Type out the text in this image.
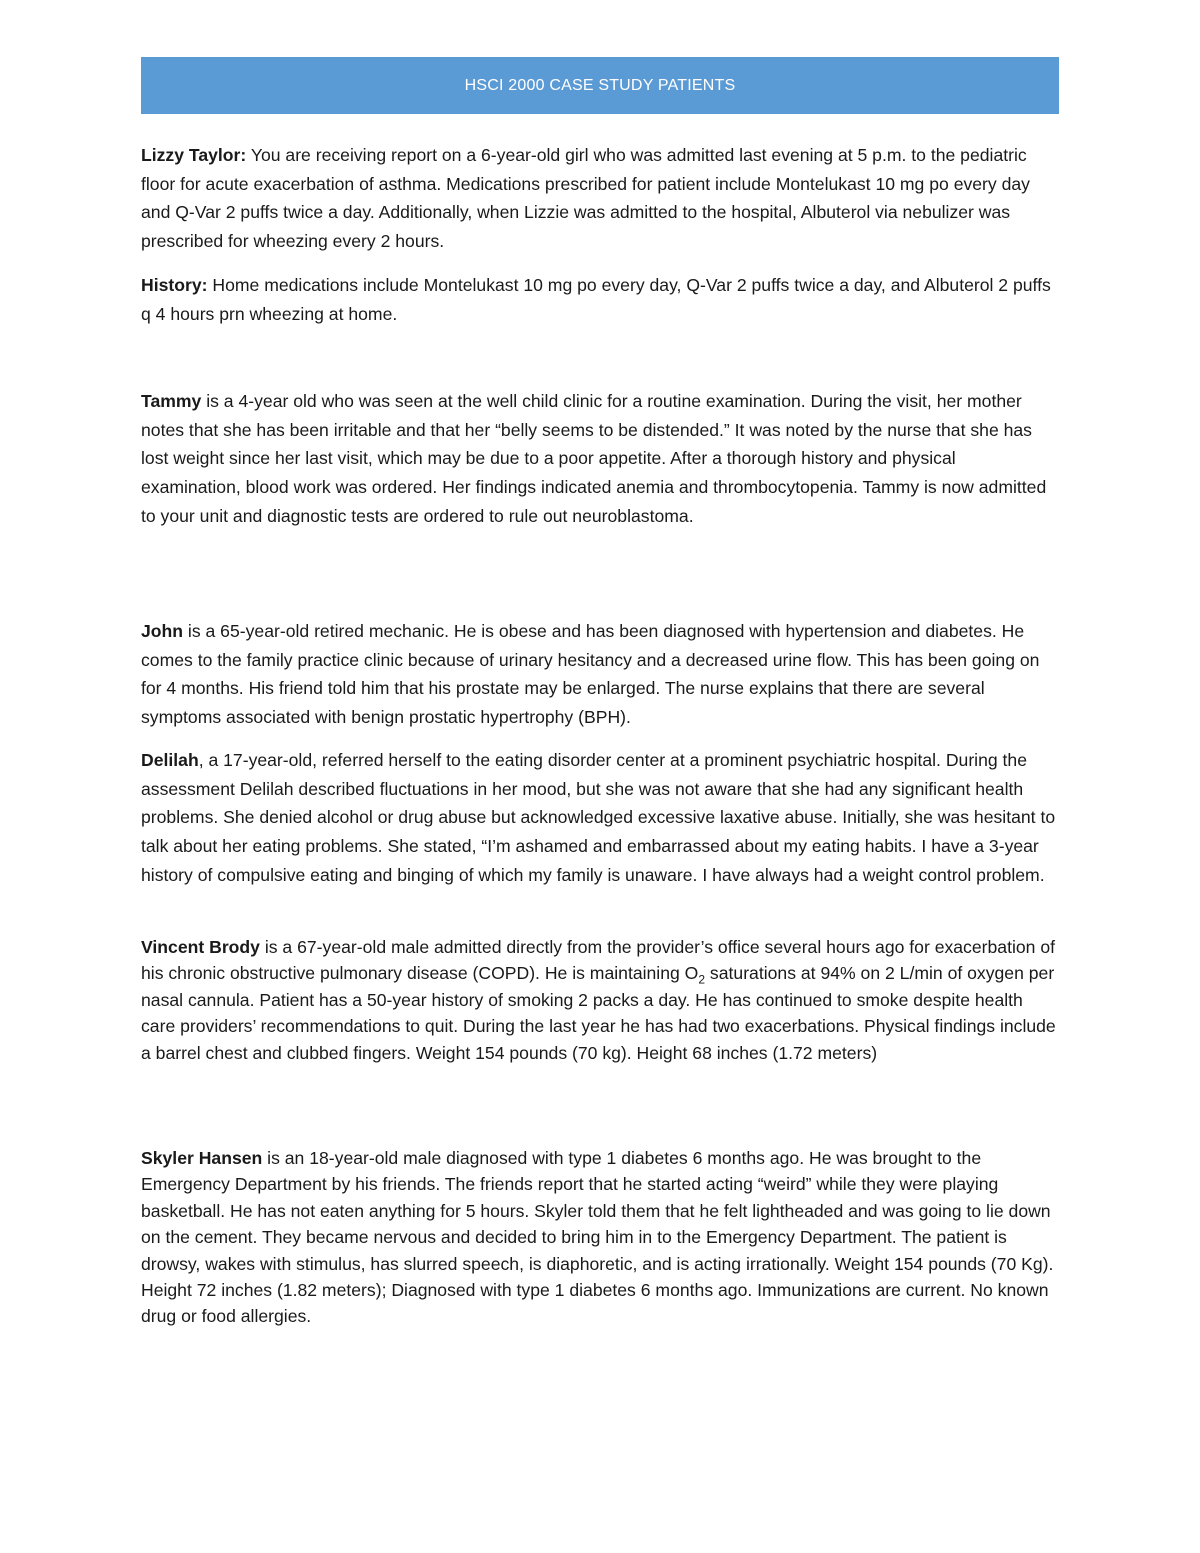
HSCI 2000 CASE STUDY PATIENTS

Lizzy Taylor: You are receiving report on a 6-year-old girl who was admitted last evening at 5 p.m. to the pediatric floor for acute exacerbation of asthma. Medications prescribed for patient include Montelukast 10 mg po every day and Q-Var 2 puffs twice a day. Additionally, when Lizzie was admitted to the hospital, Albuterol via nebulizer was prescribed for wheezing every 2 hours.

History: Home medications include Montelukast 10 mg po every day, Q-Var 2 puffs twice a day, and Albuterol 2 puffs q 4 hours prn wheezing at home.

Tammy is a 4-year old who was seen at the well child clinic for a routine examination. During the visit, her mother notes that she has been irritable and that her “belly seems to be distended.” It was noted by the nurse that she has lost weight since her last visit, which may be due to a poor appetite. After a thorough history and physical examination, blood work was ordered. Her findings indicated anemia and thrombocytopenia. Tammy is now admitted to your unit and diagnostic tests are ordered to rule out neuroblastoma.

John is a 65-year-old retired mechanic. He is obese and has been diagnosed with hypertension and diabetes. He comes to the family practice clinic because of urinary hesitancy and a decreased urine flow. This has been going on for 4 months. His friend told him that his prostate may be enlarged. The nurse explains that there are several symptoms associated with benign prostatic hypertrophy (BPH).

Delilah, a 17-year-old, referred herself to the eating disorder center at a prominent psychiatric hospital. During the assessment Delilah described fluctuations in her mood, but she was not aware that she had any significant health problems. She denied alcohol or drug abuse but acknowledged excessive laxative abuse. Initially, she was hesitant to talk about her eating problems. She stated, “I’m ashamed and embarrassed about my eating habits. I have a 3-year history of compulsive eating and binging of which my family is unaware. I have always had a weight control problem.

Vincent Brody is a 67-year-old male admitted directly from the provider’s office several hours ago for exacerbation of his chronic obstructive pulmonary disease (COPD). He is maintaining $O_2$ saturations at 94% on 2 L/min of oxygen per nasal cannula. Patient has a 50-year history of smoking 2 packs a day. He has continued to smoke despite health care providers’ recommendations to quit. During the last year he has had two exacerbations. Physical findings include a barrel chest and clubbed fingers. Weight 154 pounds (70 kg). Height 68 inches (1.72 meters)

Skyler Hansen is an 18-year-old male diagnosed with type 1 diabetes 6 months ago. He was brought to the Emergency Department by his friends. The friends report that he started acting “weird” while they were playing basketball. He has not eaten anything for 5 hours. Skyler told them that he felt lightheaded and was going to lie down on the cement. They became nervous and decided to bring him in to the Emergency Department. The patient is drowsy, wakes with stimulus, has slurred speech, is diaphoretic, and is acting irrationally. Weight 154 pounds (70 Kg). Height 72 inches (1.82 meters); Diagnosed with type 1 diabetes 6 months ago. Immunizations are current. No known drug or food allergies.
